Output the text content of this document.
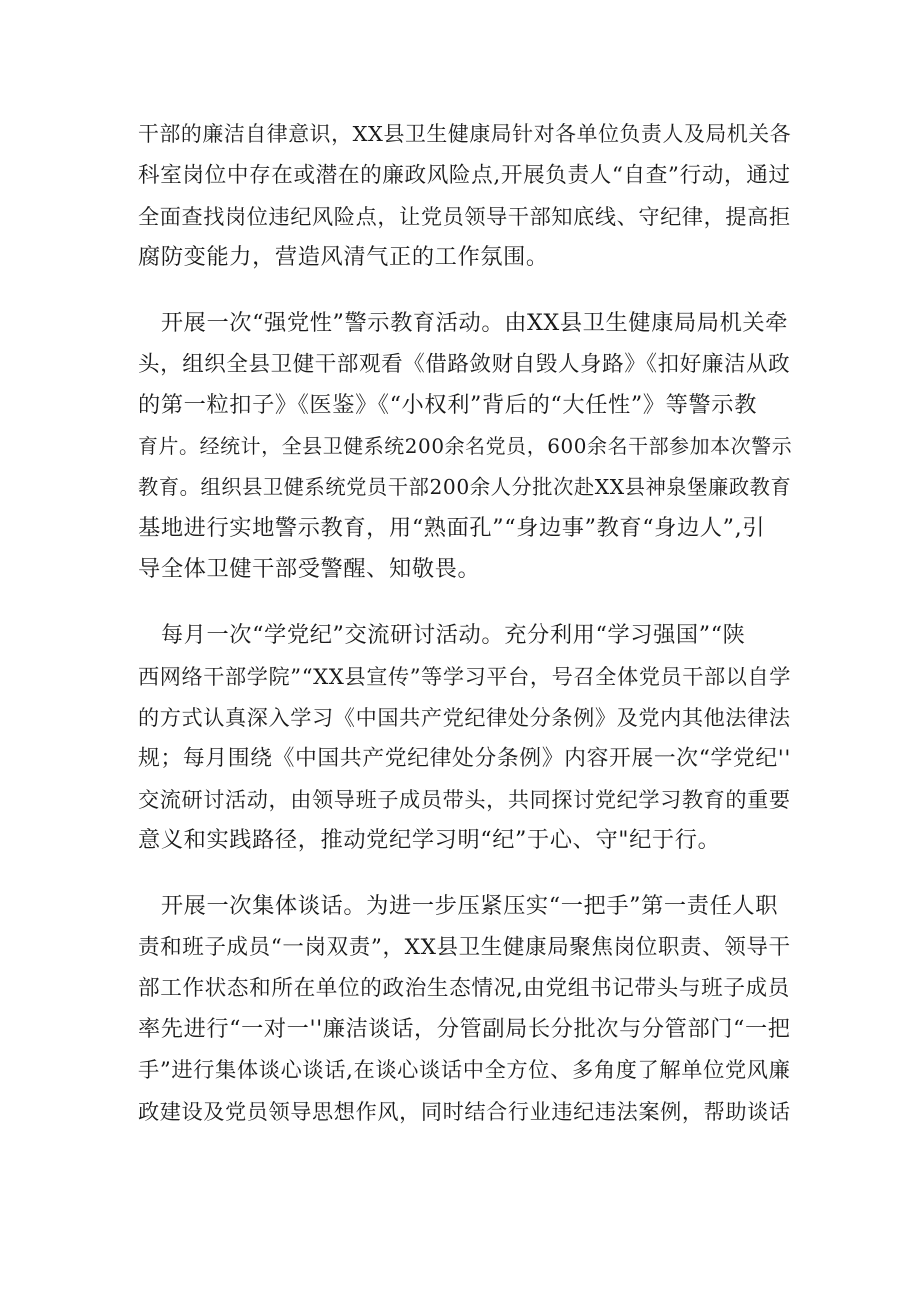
干部的廉洁自律意识，XX县卫生健康局针对各单位负责人及局机关各
科室岗位中存在或潜在的廉政风险点,开展负责人“自查”行动，通过
全面查找岗位违纪风险点，让党员领导干部知底线、守纪律，提高拒
腐防变能力，营造风清气正的工作氛围。
　开展一次“强党性”警示教育活动。由XX县卫生健康局局机关牵
头，组织全县卫健干部观看《借路敛财自毁人身路》《扣好廉洁从政
的第一粒扣子》《医鉴》《“小权利”背后的“大任性”》等警示教
育片。经统计，全县卫健系统200余名党员，600余名干部参加本次警示
教育。组织县卫健系统党员干部200余人分批次赴XX县神泉堡廉政教育
基地进行实地警示教育，用“熟面孔”“身边事”教育“身边人”,引
导全体卫健干部受警醒、知敬畏。
　每月一次“学党纪”交流研讨活动。充分利用“学习强国”“陕
西网络干部学院”“XX县宣传”等学习平台，号召全体党员干部以自学
的方式认真深入学习《中国共产党纪律处分条例》及党内其他法律法
规；每月围绕《中国共产党纪律处分条例》内容开展一次“学党纪''
交流研讨活动，由领导班子成员带头，共同探讨党纪学习教育的重要
意义和实践路径，推动党纪学习明“纪”于心、守"纪于行。
　开展一次集体谈话。为进一步压紧压实“一把手”第一责任人职
责和班子成员“一岗双责”，XX县卫生健康局聚焦岗位职责、领导干
部工作状态和所在单位的政治生态情况,由党组书记带头与班子成员
率先进行“一对一''廉洁谈话，分管副局长分批次与分管部门“一把
手”进行集体谈心谈话,在谈心谈话中全方位、多角度了解单位党风廉
政建设及党员领导思想作风，同时结合行业违纪违法案例，帮助谈话
